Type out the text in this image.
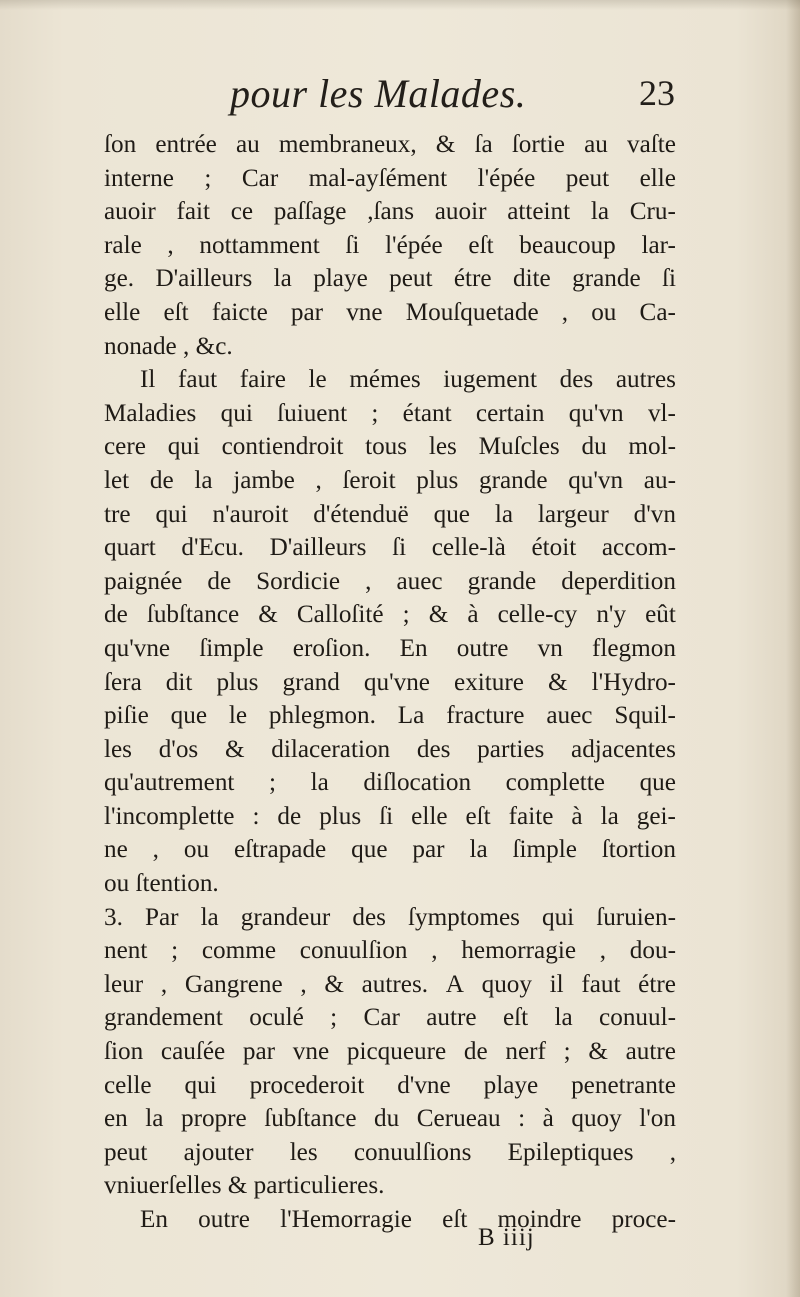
pour les Malades.	23
ſon entrée au membraneux, & ſa ſortie au vaſte
interne ; Car mal-ayſément l'épée peut elle
auoir fait ce paſſage ,ſans auoir atteint la Cru-
rale , nottamment ſi l'épée eſt beaucoup lar-
ge. D'ailleurs la playe peut étre dite grande ſi
elle eſt faicte par vne Mouſquetade , ou Ca-
nonade , &c.
Il faut faire le mémes iugement des autres
Maladies qui ſuiuent ; étant certain qu'vn vl-
cere qui contiendroit tous les Muſcles du mol-
let de la jambe , ſeroit plus grande qu'vn au-
tre qui n'auroit d'étenduë que la largeur d'vn
quart d'Ecu. D'ailleurs ſi celle-là étoit accom-
paignée de Sordicie , auec grande deperdition
de ſubſtance & Calloſité ; & à celle-cy n'y eût
qu'vne ſimple eroſion. En outre vn flegmon
ſera dit plus grand qu'vne exiture & l'Hydro-
piſie que le phlegmon. La fracture auec Squil-
les d'os & dilaceration des parties adjacentes
qu'autrement ; la diſlocation complette que
l'incomplette : de plus ſi elle eſt faite à la gei-
ne , ou eſtrapade que par la ſimple ſtortion
ou ſtention.
3. Par la grandeur des ſymptomes qui ſuruien-
nent ; comme conuulſion , hemorragie , dou-
leur , Gangrene , & autres. A quoy il faut étre
grandement oculé ; Car autre eſt la conuul-
ſion cauſée par vne picqueure de nerf ; & autre
celle qui procederoit d'vne playe penetrante
en la propre ſubſtance du Cerueau : à quoy l'on
peut ajouter les conuulſions Epileptiques ,
vniuerſelles & particulieres.
En outre l'Hemorragie eſt moindre proce-
B iiij
